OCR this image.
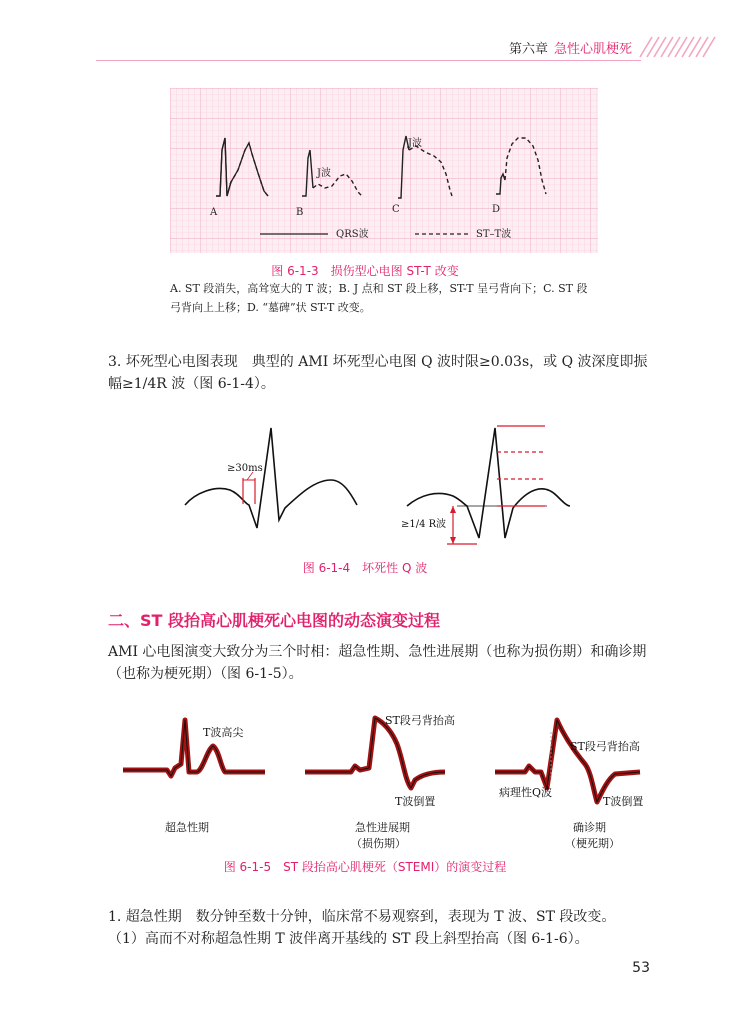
第六章 急性心肌梗死
A	B	C	D
J波
J波
QRS波	ST–T波
图 6-1-3　损伤型心电图 ST-T 改变
A. ST 段消失，高耸宽大的 T 波；B. J 点和 ST 段上移，ST-T 呈弓背向下；C. ST 段
弓背向上上移；D. “墓碑”状 ST-T 改变。
3. 坏死型心电图表现　典型的 AMI 坏死型心电图 Q 波时限≥0.03s，或 Q 波深度即振
幅≥1/4R 波（图 6-1-4）。
≥30ms
≥1/4 R波
图 6-1-4　坏死性 Q 波
二、ST 段抬高心肌梗死心电图的动态演变过程
AMI 心电图演变大致分为三个时相：超急性期、急性进展期（也称为损伤期）和确诊期
（也称为梗死期）（图 6-1-5）。
T波高尖
超急性期
ST段弓背抬高
T波倒置
急性进展期
（损伤期）
ST段弓背抬高
病理性Q波
T波倒置
确诊期
（梗死期）
图 6-1-5　ST 段抬高心肌梗死（STEMI）的演变过程
1. 超急性期　数分钟至数十分钟，临床常不易观察到，表现为 T 波、ST 段改变。
（1）高而不对称超急性期 T 波伴离开基线的 ST 段上斜型抬高（图 6-1-6）。
53
